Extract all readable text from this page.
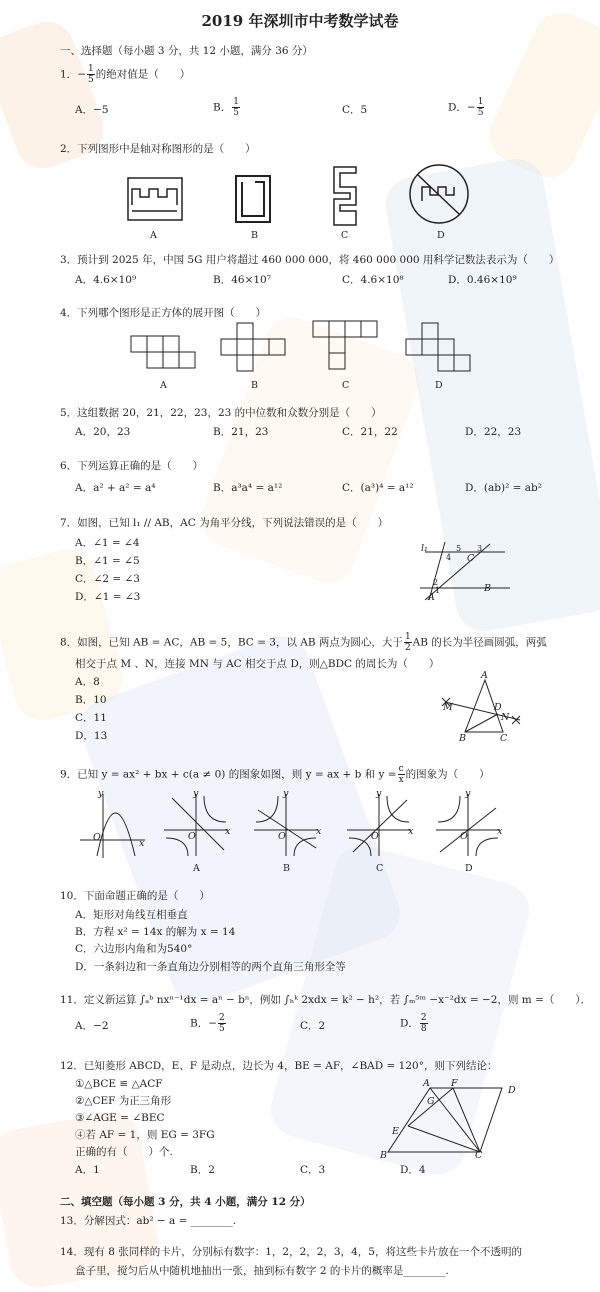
2019 年深圳市中考数学试卷
一、选择题（每小题 3 分，共 12 小题，满分 36 分）
1．− $\frac{1}{5}$ 的绝对值是（　　）
A．−5	B． $\frac{1}{5}$	C．5	D．− $\frac{1}{5}$
2．下列图形中是轴对称图形的是（　　）
A	B	C	D
3．预计到 2025 年，中国 5G 用户将超过 460 000 000，将 460 000 000 用科学记数法表示为（　　）
A．4.6×10⁹	B．46×10⁷	C．4.6×10⁸	D．0.46×10⁹
4．下列哪个图形是正方体的展开图（　　）
A	B	C	D
5．这组数据 20，21，22，23，23 的中位数和众数分别是（　　）
A．20，23	B．21，23	C．21，22	D．22，23
6．下列运算正确的是（　　）
A．a² + a² = a⁴	B．a³a⁴ = a¹²	C．(a³)⁴ = a¹²	D．(ab)² = ab²
7．如图，已知 l₁ // AB，AC 为角平分线，下列说法错误的是（　　）
A．∠1 = ∠4
B．∠1 = ∠5
C．∠2 = ∠3
D．∠1 = ∠3
l₁
4
5 3
C
2
1
A
B
8．如图，已知 AB = AC，AB = 5，BC = 3，以 AB 两点为圆心，大于 $\frac{1}{2}$ AB 的长为半径画圆弧，两弧
相交于点 M 、N，连接 MN 与 AC 相交于点 D，则△BDC 的周长为（　　）
A．8
B．10
C．11
D．13
A
M	D
N
B	C
9．已知 y = ax² + bx + c(a ≠ 0) 的图象如图，则 y = ax + b 和 $y = \frac{c}{x}$ 的图象为（　　）
y
x
O
y
x
O
y
x
O
y
x
O
y
x
O
A	B	C	D
10．下面命题正确的是（　　）
A．矩形对角线互相垂直
B．方程 x² = 14x 的解为 x = 14
C．六边形内角和为540°
D．一条斜边和一条直角边分别相等的两个直角三角形全等
11．定义新运算 ∫ₐᵇ nxⁿ⁻¹dx = aⁿ − bⁿ，例如 ∫ₕᵏ 2xdx = k² − h²，若 ∫ₘ⁵ᵐ −x⁻²dx = −2，则 m =（　　）．
A．−2	B．− $\frac{2}{5}$	C．2	D． $\frac{2}{8}$
12．已知菱形 ABCD，E、F 是动点，边长为 4，BE = AF，∠BAD = 120°，则下列结论：
①△BCE ≌ △ACF
②△CEF 为正三角形
③∠AGE = ∠BEC
④若 AF = 1，则 EG = 3FG
正确的有（　　）个.
A．1	B．2	C．3	D．4
A F
D
G
E
B	C
二、填空题（每小题 3 分，共 4 小题，满分 12 分）
13．分解因式：ab² − a = ________.
14．现有 8 张同样的卡片，分别标有数字：1，2，2，2，3，4，5，将这些卡片放在一个不透明的
盒子里，搅匀后从中随机地抽出一张，抽到标有数字 2 的卡片的概率是________.
